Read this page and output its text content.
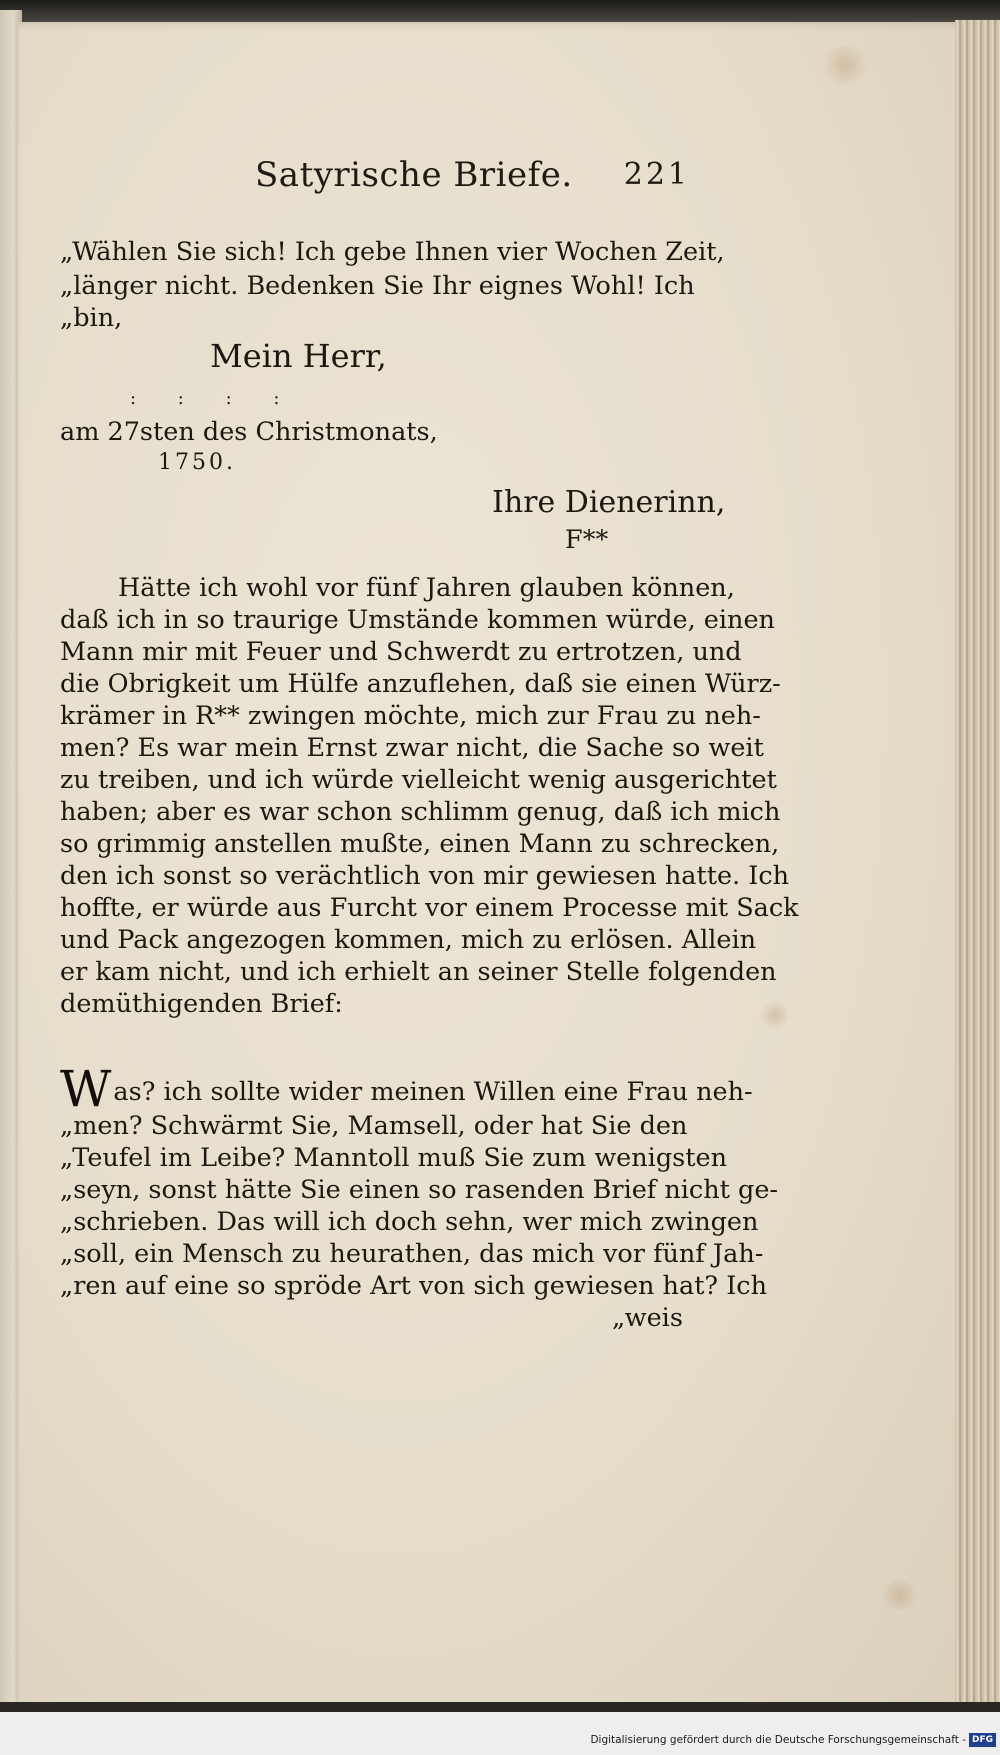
Satyrische Briefe. 221
„Wählen Sie sich! Ich gebe Ihnen vier Wochen Zeit,
„länger nicht. Bedenken Sie Ihr eignes Wohl! Ich
„bin,
Mein Herr,
: : : :
am 27sten des Christmonats,
1750.
Ihre Dienerinn,
F**
Hätte ich wohl vor fünf Jahren glauben können,
daß ich in so traurige Umstände kommen würde, einen
Mann mir mit Feuer und Schwerdt zu ertrotzen, und
die Obrigkeit um Hülfe anzuflehen, daß sie einen Würz-
krämer in R** zwingen möchte, mich zur Frau zu neh-
men? Es war mein Ernst zwar nicht, die Sache so weit
zu treiben, und ich würde vielleicht wenig ausgerichtet
haben; aber es war schon schlimm genug, daß ich mich
so grimmig anstellen mußte, einen Mann zu schrecken,
den ich sonst so verächtlich von mir gewiesen hatte. Ich
hoffte, er würde aus Furcht vor einem Processe mit Sack
und Pack angezogen kommen, mich zu erlösen. Allein
er kam nicht, und ich erhielt an seiner Stelle folgenden
demüthigenden Brief:
Was? ich sollte wider meinen Willen eine Frau neh-
„men? Schwärmt Sie, Mamsell, oder hat Sie den
„Teufel im Leibe? Manntoll muß Sie zum wenigsten
„seyn, sonst hätte Sie einen so rasenden Brief nicht ge-
„schrieben. Das will ich doch sehn, wer mich zwingen
„soll, ein Mensch zu heurathen, das mich vor fünf Jah-
„ren auf eine so spröde Art von sich gewiesen hat? Ich
„weis
Digitalisierung gefördert durch die Deutsche Forschungsgemeinschaft - DFG
